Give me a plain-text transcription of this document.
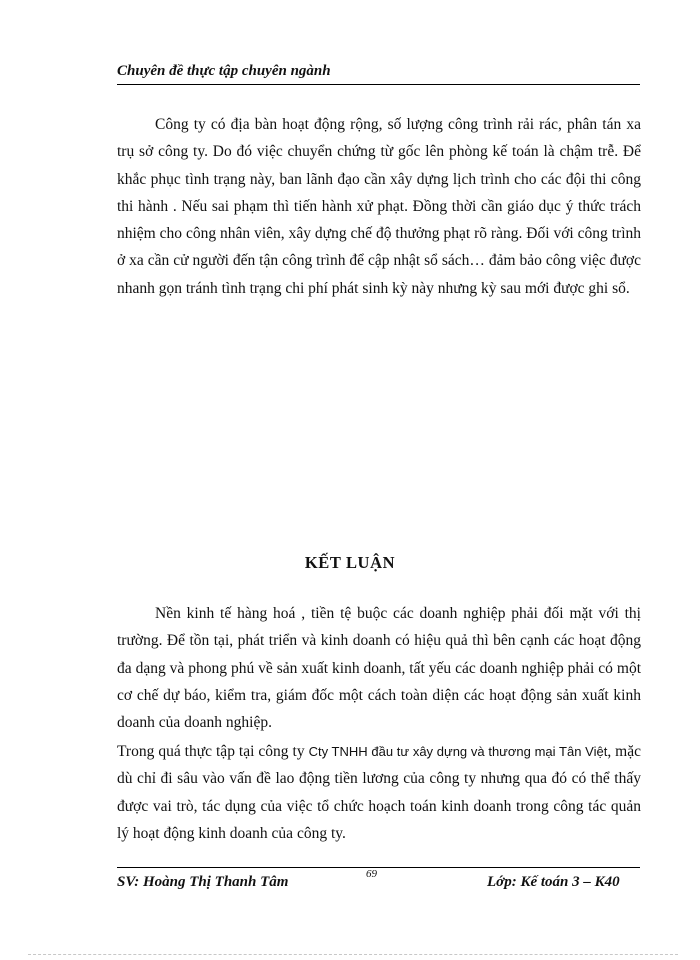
Chuyên đề thực tập chuyên ngành

Công ty có địa bàn hoạt động rộng, số lượng công trình rải rác, phân tán xa trụ sở công ty. Do đó việc chuyển chứng từ gốc lên phòng kế toán là chậm trễ. Để khắc phục tình trạng này, ban lãnh đạo cần xây dựng lịch trình cho các đội thi công thi hành . Nếu sai phạm thì tiến hành xử phạt. Đồng thời cần giáo dục ý thức trách nhiệm cho công nhân viên, xây dựng chế độ thưởng phạt rõ ràng. Đối với công trình ở xa cần cử người đến tận công trình để cập nhật sổ sách… đảm bảo công việc được nhanh gọn tránh tình trạng chi phí phát sinh kỳ này nhưng kỳ sau mới được ghi sổ.

KẾT LUẬN

Nền kinh tế hàng hoá , tiền tệ buộc các doanh nghiệp phải đối mặt với thị trường. Để tồn tại, phát triển và kinh doanh có hiệu quả thì bên cạnh các hoạt động đa dạng và phong phú về sản xuất kinh doanh, tất yếu các doanh nghiệp phải có một cơ chế dự báo, kiểm tra, giám đốc một cách toàn diện các hoạt động sản xuất kinh doanh của doanh nghiệp.

Trong quá thực tập tại công ty Cty TNHH đầu tư xây dựng và thương mại Tân Việt, mặc dù chỉ đi sâu vào vấn đề lao động tiền lương của công ty nhưng qua đó có thể thấy được vai trò, tác dụng của việc tổ chức hoạch toán kinh doanh trong công tác quản lý hoạt động kinh doanh của công ty.

SV: Hoàng Thị Thanh Tâm	69	Lớp: Kế toán 3 – K40
